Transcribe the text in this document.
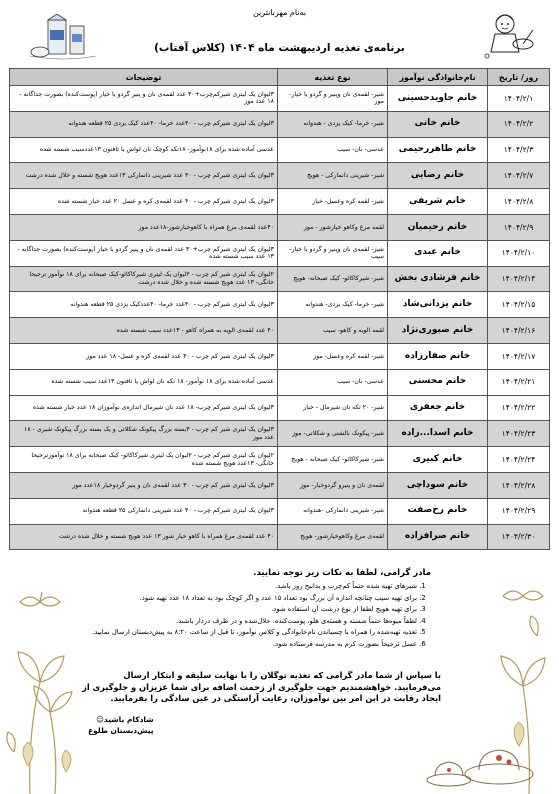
به‌نام مهربانترین
برنامه‌ی تغذیه اردیبهشت ماه ۱۴۰۴ (کلاس آفتاب)
روز/ تاریخ	نام‌خانوادگی نوآموز	نوع تغذیه	توضیحات
۱۴۰۴/۲/۱	خانم جاویدحسینی	شیر- لقمه‌ی نان وپنیر و گردو یا خیار- موز	۳لیوان یک لیتری شیرکم‌چرب+۳۰ عدد لقمه‌ی نان و پنیر گردو یا خیار (پوست‌کنده) بصورت جداگانه - ۱۸ عدد موز
۱۴۰۴/۲/۲	خانم خانی	شیر- خرما- کیک یزدی - هندوانه	۳لیوان یک لیتری شیرکم چرب - ۴۰عدد خرما- ۴۰عدد کیک یزدی ۲۵ قطعه هندوانه
۱۴۰۴/۲/۳	خانم طاهررحیمی	عدسی- نان- سیب	عدسی آماده شده برای ۱۸نوآموز- ۱۸تکه کوچک نان لواش یا تافتون ۱۳عددسیب شسته شده
۱۴۰۴/۲/۷	خانم رضایی	شیر- شیرینی دانمارکی - هویج	۳لیوان یک لیتری شیرکم چرب - ۴۰ عدد شیرینی دانمارکی ۱۳عدد هویج شسته و خلال شده درشت
۱۴۰۴/۲/۸	خانم شریفی	شیر- لقمه کره وعسل- خیار	۳لیوان یک لیتری شیرکم چرب - ۴۰ عدد لقمه‌ی کره و عسل ۲۰ عدد خیار شسته شده
۱۴۰۴/۲/۹	خانم رحیمیان	لقمه مرغ وکاهو خیارشور - موز	۴۰عدد لقمه‌ی مرغ همراه با کاهوخیارشور-۱۸عدد موز
۱۴۰۴/۲/۱۰	خانم عبدی	شیر- لقمه‌ی نان وپنیر و گردو یا خیار- سیب	۳لیوان یک لیتری شیرکم چرب+۳۰ عدد لقمه‌ی نان و پنیر گردو یا خیار (پوست‌کنده) بصورت جداگانه - ۱۳ عدد سیب شسته شده
۱۴۰۴/۲/۱۴	خانم فرشادی بخش	شیر- شیرکاکائو- کیک صبحانه- هویج	۲لیوان یک لیتری شیر کم چرب - ۲لیوان یک لیتری شیرکاکائو-کیک صبحانه برای ۱۸ نوآموز ترجیحا خانگی- ۱۳ عدد هویج شسته شده و خلال شده درشت
۱۴۰۴/۲/۱۵	خانم یزدانی‌شاد	شیر- خرما- کیک یزدی- هندوانه	۳لیوان یک لیتری شیرکم چرب - ۴۰عدد خرما- ۴۰عددکیک یزدی ۲۵ قطعه هندوانه
۱۴۰۴/۲/۱۶	خانم صبوری‌نژاد	لقمه الویه و کاهو- سیب	۴۰ عدد لقمه‌ی الویه به همراه کاهو - ۱۳عدد سیب شسته شده
۱۴۰۴/۲/۱۷	خانم صفارزاده	شیر- لقمه کره وعسل- موز	۳لیوان یک لیتری شیر کم چرب - ۴۰ عدد لقمه‌ی کره و عسل- ۱۸ عدد موز
۱۴۰۴/۲/۲۱	خانم محسنی	عدسی- نان- سیب	عدسی آماده شده برای ۱۸ نوآموز- ۱۸ تکه نان لواش یا تافتون ۱۳عدد سیب شسته شده
۱۴۰۴/۲/۲۲	خانم جعفری	شیر- ۲۰ تکه نان شیرمال - خیار	۳لیوان یک لیتری شیرکم چرب- ۱۸ عدد نان شیرمال اندازه‌ی نوآموزان ۱۸ عدد خیار شسته شده
۱۴۰۴/۲/۲۳	خانم اسدا...زاده	شیر- پیکونک بالشتی و شکلاتی- موز	۳لیوان یک لیتری شیر کم چرب - ۴بسته بزرگ پیکونک شکلاتی و یک بسته بزرگ پیکونک شیری - ۱۸ عدد موز
۱۴۰۴/۲/۲۴	خانم کبیری	شیر- شیرکاکائو- کیک صبحانه - هویج	۲لیوان یک لیتری شیرکم چرب - ۲لیوان یک لیتری شیرکاکائو- کیک صبحانه برای ۱۸ نوآموزترجیحا خانگی- ۱۳عدد هویج شسته شده
۱۴۰۴/۲/۲۸	خانم سوداچی	لقمه‌ی نان و پنیرو گردوخیار- موز	۳لیوان یک لیتری شیر کم چرب - ۳۰ عدد لقمه‌ی نان و پنیر گردوخیار ۱۸عدد موز
۱۴۰۴/۲/۲۹	خانم رخ‌صفت	شیر- شیرینی دانمارکی -هندوانه	۳لیوان یک لیتری شیرکم چرب - ۴۰ عدد شیرینی دانمارکی ۲۵ قطعه هندوانه
۱۴۰۴/۲/۳۰	خانم صرافزاده	لقمه‌ی مرغ وکاهوخیارشور- هویج	۴۰ عدد لقمه‌ی مرغ همراه با کاهو خیار شور ۱۳ عدد هویج شسته و خلال شده درشت
مادر گرامی، لطفا به نکات زیر توجه نمایید.
1. شیرهای تهیه شده حتماً کم‌چرب و بدانیح روز باشد.
2. برای تهیه سیب چنانچه اندازه آن بزرگ بود تعداد ۱۵ عدد و اگر کوچک بود به تعداد ۱۸ عدد تهیه شود.
3. برای تهیه هویج لطفا از نوع درشت آن استفاده شود.
4. لطفاً میوه‌ها حتماً شسته و هسته‌ی هلو، پوست‌کنده، خلال‌شده و در ظرف دردار باشند.
5. تغذیه تهیه‌شده را همراه با چسباندن نام‌خانوادگی و کلاس نوآموز، تا قبل از ساعت ۸:۲۰ به پیش‌دبستان ارسال نمایید.
6. عسل ترجیحاً بصورت کرم به مدرسه فرستاده شود.
با سپاس از شما مادر گرامی که تغذیه توگلان را با نهایت سلیقه و ابتکار ارسال می‌فرمایید. خواهشمندیم جهت جلوگیری از زحمت اضافه برای شما عزیزان و جلوگیری از ایجاد رقابت در این امر بین نوآموزان، رعایت آراستگی در عین سادگی را بفرمایید.
شاد‌کام باشید☺
پیش‌دبستان طلوع
